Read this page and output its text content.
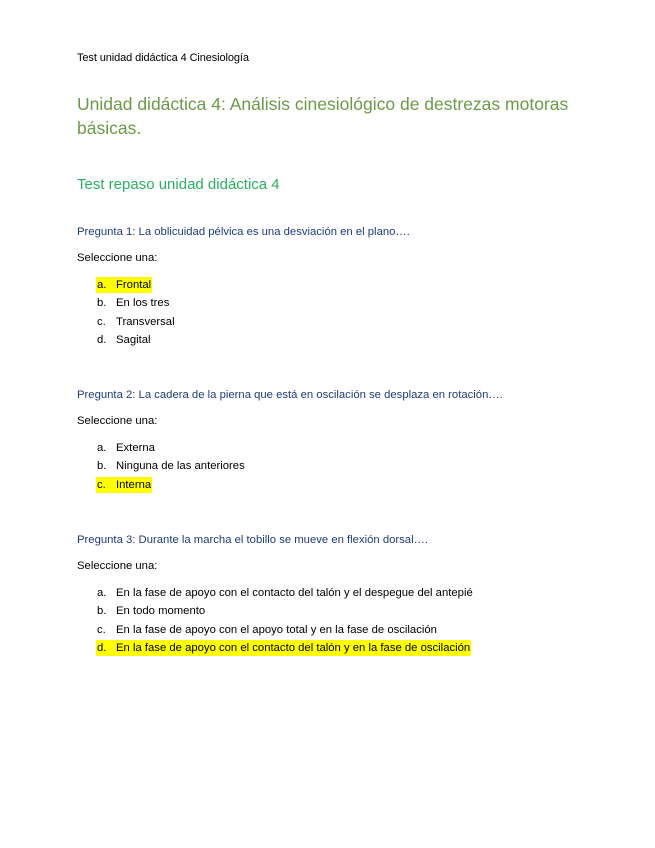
Test unidad didáctica 4 Cinesiología
Unidad didáctica 4: Análisis cinesiológico de destrezas motoras básicas.
Test repaso unidad didáctica 4

Pregunta 1: La oblicuidad pélvica es una desviación en el plano….

Seleccione una:
a. Frontal
b. En los tres
c. Transversal
d. Sagital

Pregunta 2: La cadera de la pierna que está en oscilación se desplaza en rotación….

Seleccione una:
a. Externa
b. Ninguna de las anteriores
c. Interna

Pregunta 3: Durante la marcha el tobillo se mueve en flexión dorsal….

Seleccione una:
a. En la fase de apoyo con el contacto del talón y el despegue del antepié
b. En todo momento
c. En la fase de apoyo con el apoyo total y en la fase de oscilación
d. En la fase de apoyo con el contacto del talón y en la fase de oscilación
